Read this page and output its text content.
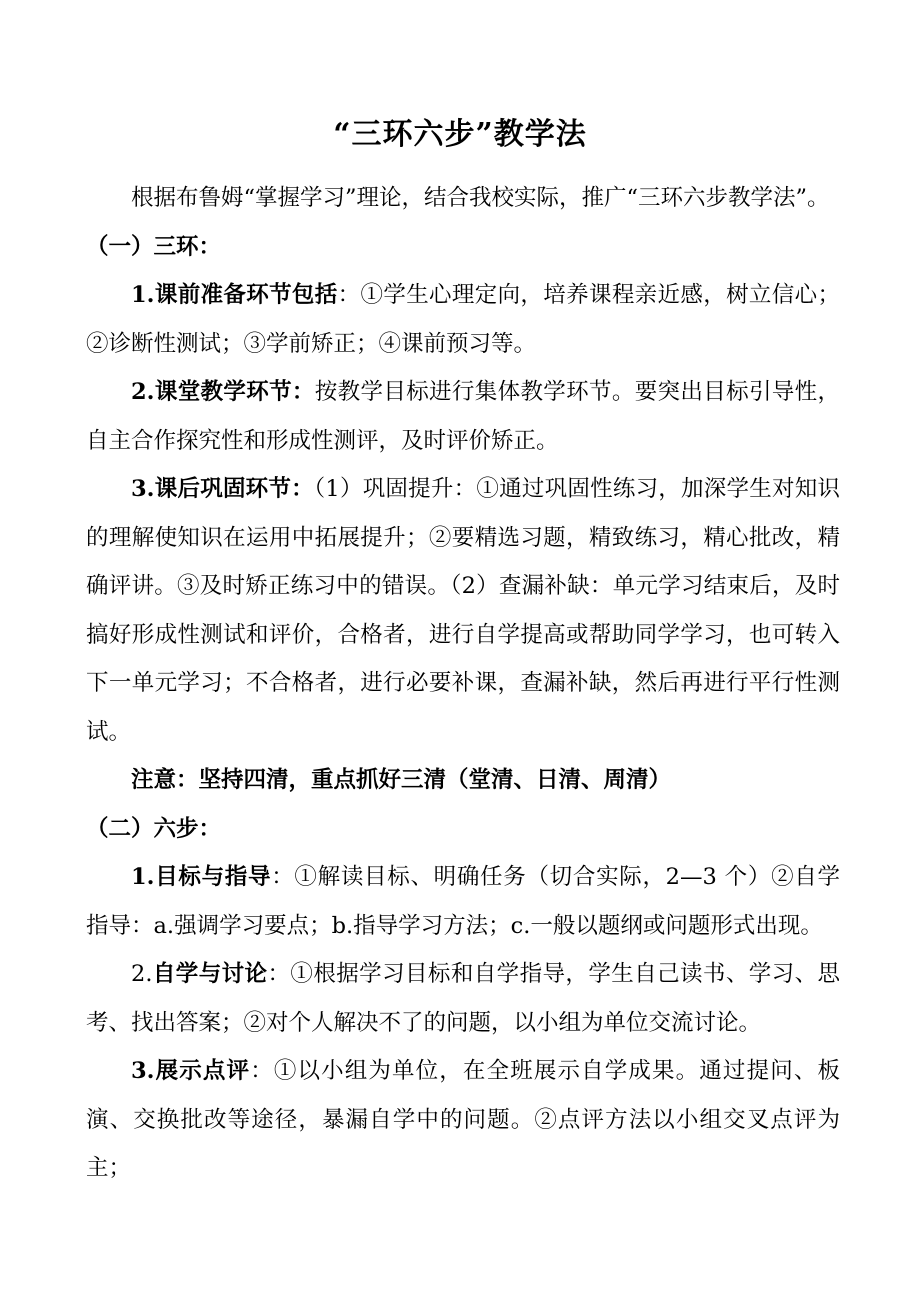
“三环六步”教学法

根据布鲁姆“掌握学习”理论，结合我校实际，推广“三环六步教学法”。

（一）三环：

1.课前准备环节包括：①学生心理定向，培养课程亲近感，树立信心；②诊断性测试；③学前矫正；④课前预习等。

2.课堂教学环节：按教学目标进行集体教学环节。要突出目标引导性，自主合作探究性和形成性测评，及时评价矫正。

3.课后巩固环节：（1）巩固提升：①通过巩固性练习，加深学生对知识的理解使知识在运用中拓展提升；②要精选习题，精致练习，精心批改，精确评讲。③及时矫正练习中的错误。（2）查漏补缺：单元学习结束后，及时搞好形成性测试和评价，合格者，进行自学提高或帮助同学学习，也可转入下一单元学习；不合格者，进行必要补课，查漏补缺，然后再进行平行性测试。

注意：坚持四清，重点抓好三清（堂清、日清、周清）

（二）六步：

1.目标与指导：①解读目标、明确任务（切合实际，2—3 个）②自学指导：a.强调学习要点；b.指导学习方法；c.一般以题纲或问题形式出现。

2.自学与讨论：①根据学习目标和自学指导，学生自己读书、学习、思考、找出答案；②对个人解决不了的问题，以小组为单位交流讨论。

3.展示点评：①以小组为单位，在全班展示自学成果。通过提问、板演、交换批改等途径，暴漏自学中的问题。②点评方法以小组交叉点评为主；
